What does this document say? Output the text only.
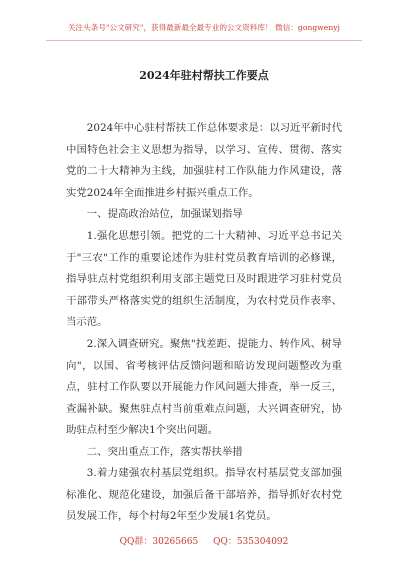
关注头条号"公文研究"，获得最新最全最专业的公文资料库！ 微信：gongwenyj
2024年驻村帮扶工作要点

2024年中心驻村帮扶工作总体要求是：以习近平新时代中国特色社会主义思想为指导，以学习、宣传、贯彻、落实党的二十大精神为主线，加强驻村工作队能力作风建设，落实党2024年全面推进乡村振兴重点工作。

一、提高政治站位，加强谋划指导

1.强化思想引领。把党的二十大精神、习近平总书记关于"三农"工作的重要论述作为驻村党员教育培训的必修课，指导驻点村党组织利用支部主题党日及时跟进学习驻村党员干部带头严格落实党的组织生活制度，为农村党员作表率、当示范。

2.深入调查研究。聚焦"找差距、提能力、转作风、树导向"，以国、省考核评估反馈问题和暗访发现问题整改为重点，驻村工作队要以开展能力作风问题大排查，举一反三，查漏补缺。聚焦驻点村当前重难点问题，大兴调查研究，协助驻点村至少解决1个突出问题。

二、突出重点工作，落实帮扶举措

3.着力建强农村基层党组织。指导农村基层党支部加强标准化、规范化建设，加强后备干部培养，指导抓好农村党员发展工作，每个村每2年至少发展1名党员。

QQ群：30265665 QQ：535304092
